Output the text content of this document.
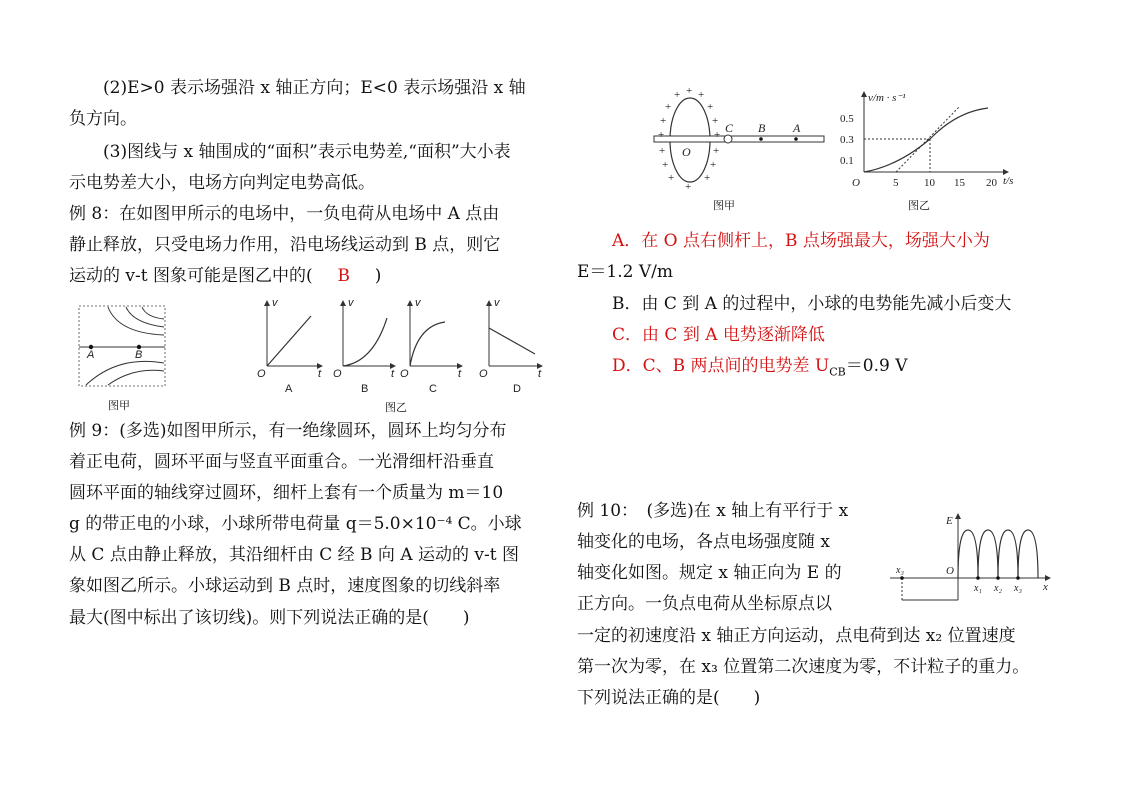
(2)E>0 表示场强沿 x 轴正方向；E<0 表示场强沿 x 轴
负方向。
(3)图线与 x 轴围成的“面积”表示电势差,“面积”大小表
示电势差大小，电场方向判定电势高低。
例 8：在如图甲所示的电场中，一负电荷从电场中 A 点由
静止释放，只受电场力作用，沿电场线运动到 B 点，则它
运动的 v-t 图象可能是图乙中的( B )
A	B
图甲
v
O	t
A
v
O	t
B
v
O	t
C
v
O	t
D
图乙
例 9：(多选)如图甲所示，有一绝缘圆环，圆环上均匀分布
着正电荷，圆环平面与竖直平面重合。一光滑细杆沿垂直
圆环平面的轴线穿过圆环，细杆上套有一个质量为 m＝10
g 的带正电的小球，小球所带电荷量 q＝5.0×10⁻⁴ C。小球
从 C 点由静止释放，其沿细杆由 C 经 B 向 A 运动的 v-t 图
象如图乙所示。小球运动到 B 点时，速度图象的切线斜率
最大(图中标出了该切线)。则下列说法正确的是(　　)
+ + +
+	+
+	+
+	+
+	+
+	+
+	+
+
O
C B A
图甲
v/m · s⁻¹
t/s
0.5
0.3
0.1
O	5 10 15 20
图乙
A．在 O 点右侧杆上，B 点场强最大，场强大小为
E＝1.2 V/m
B．由 C 到 A 的过程中，小球的电势能先减小后变大
C．由 C 到 A 电势逐渐降低
D．C、B 两点间的电势差 $U_{CB}=0.9$ V
例 10：　(多选)在 x 轴上有平行于 x
轴变化的电场，各点电场强度随 x
轴变化如图。规定 x 轴正向为 E 的
正方向。一负点电荷从坐标原点以
一定的初速度沿 x 轴正方向运动，点电荷到达 x₂ 位置速度
第一次为零，在 x₃ 位置第二次速度为零，不计粒子的重力。
下列说法正确的是(　　)
E
O
x
x₃
x₁ x₂ x₃
